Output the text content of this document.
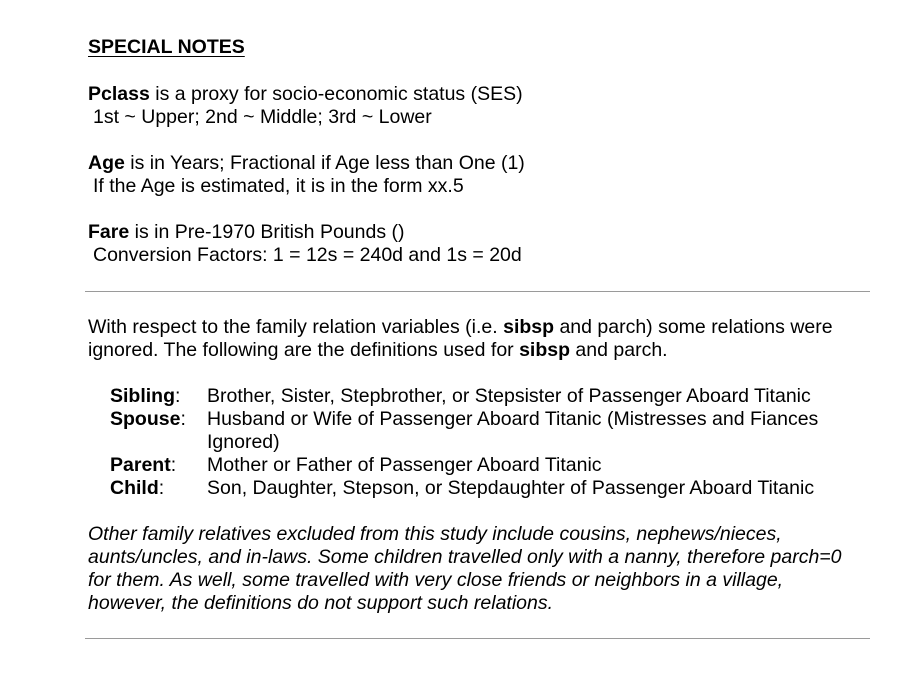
SPECIAL NOTES
Pclass is a proxy for socio-economic status (SES)
1st ~ Upper; 2nd ~ Middle; 3rd ~ Lower
Age is in Years; Fractional if Age less than One (1)
If the Age is estimated, it is in the form xx.5
Fare is in Pre-1970 British Pounds ()
Conversion Factors: 1 = 12s = 240d and 1s = 20d
With respect to the family relation variables (i.e. sibsp and parch) some relations were
ignored. The following are the definitions used for sibsp and parch.
Sibling:	Brother, Sister, Stepbrother, or Stepsister of Passenger Aboard Titanic
Spouse:	Husband or Wife of Passenger Aboard Titanic (Mistresses and Fiances Ignored)
Parent:	Mother or Father of Passenger Aboard Titanic
Child:	Son, Daughter, Stepson, or Stepdaughter of Passenger Aboard Titanic
Other family relatives excluded from this study include cousins, nephews/nieces,
aunts/uncles, and in-laws. Some children travelled only with a nanny, therefore parch=0
for them. As well, some travelled with very close friends or neighbors in a village,
however, the definitions do not support such relations.
